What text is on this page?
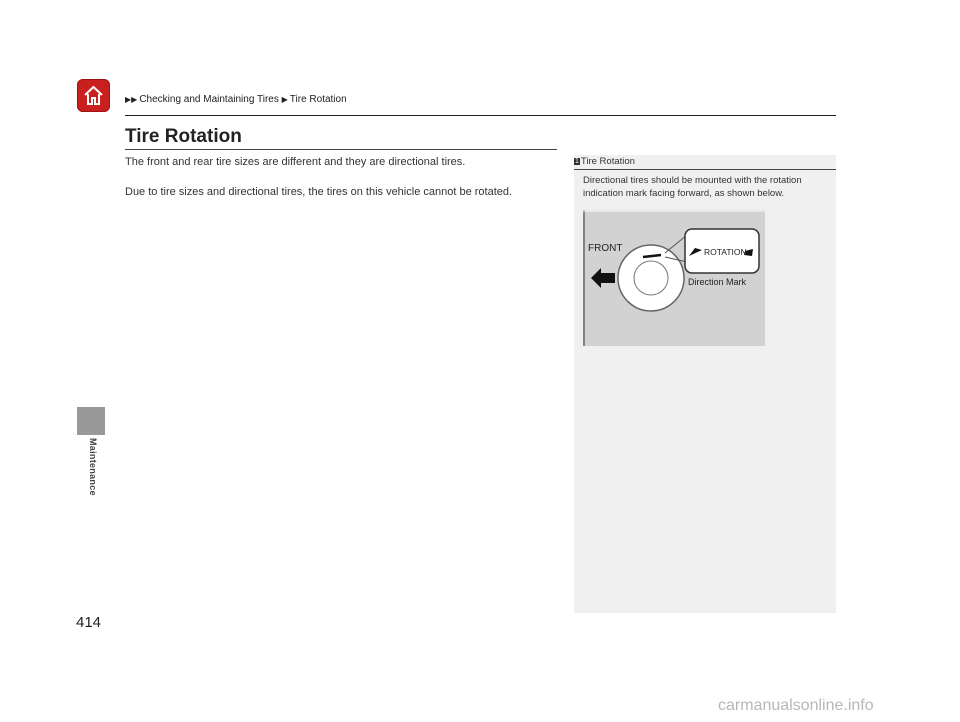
▶▶ Checking and Maintaining Tires ▶ Tire Rotation
Maintenance
Tire Rotation
The front and rear tire sizes are different and they are directional tires.
Due to tire sizes and directional tires, the tires on this vehicle cannot be rotated.
1 Tire Rotation

Directional tires should be mounted with the rotation indication mark facing forward, as shown below.

FRONT	ROTATION
Direction Mark
414
carmanualsonline.info
